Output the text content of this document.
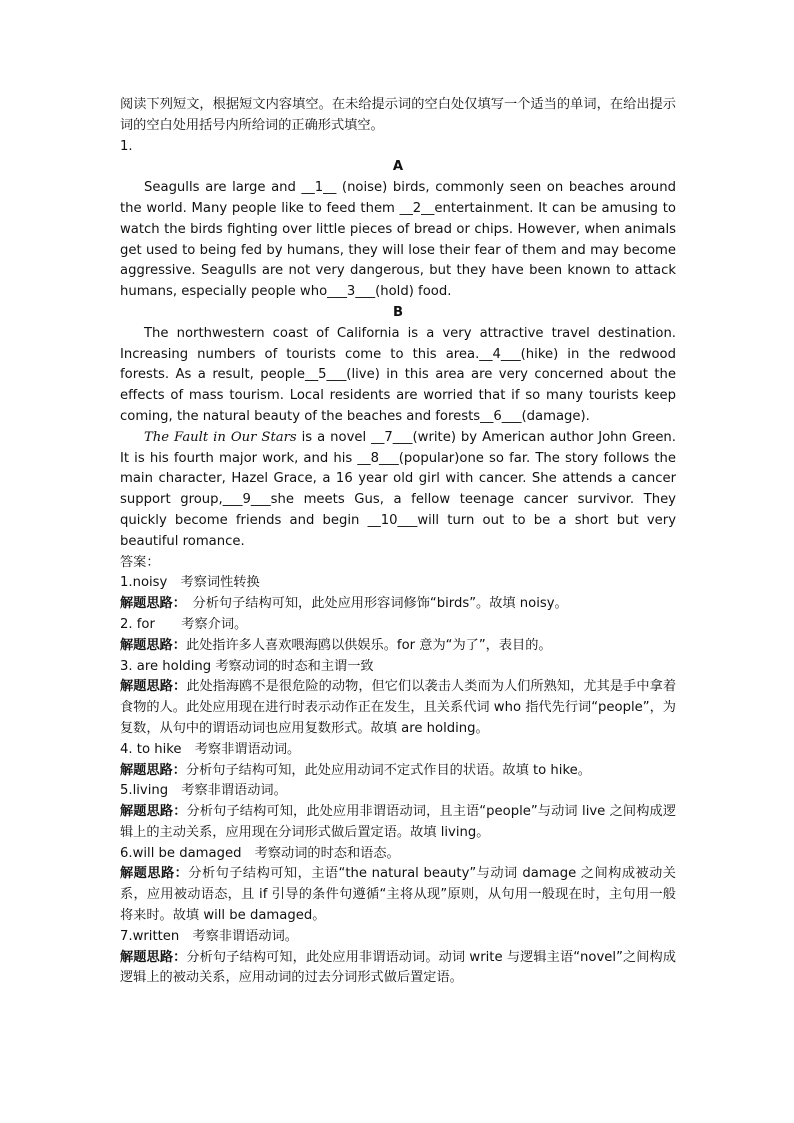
阅读下列短文，根据短文内容填空。在未给提示词的空白处仅填写一个适当的单词，在给出提示词的空白处用括号内所给词的正确形式填空。

1.

A

Seagulls are large and __1__ (noise) birds, commonly seen on beaches around the world. Many people like to feed them __2__entertainment. It can be amusing to watch the birds fighting over little pieces of bread or chips. However, when animals get used to being fed by humans, they will lose their fear of them and may become aggressive. Seagulls are not very dangerous, but they have been known to attack humans, especially people who___3___(hold) food.

B

The northwestern coast of California is a very attractive travel destination. Increasing numbers of tourists come to this area.__4___(hike) in the redwood forests. As a result, people__5___(live) in this area are very concerned about the effects of mass tourism. Local residents are worried that if so many tourists keep coming, the natural beauty of the beaches and forests__6___(damage).

The Fault in Our Stars is a novel __7___(write) by American author John Green. It is his fourth major work, and his __8___(popular)one so far. The story follows the main character, Hazel Grace, a 16 year old girl with cancer. She attends a cancer support group,___9___she meets Gus, a fellow teenage cancer survivor. They quickly become friends and begin __10___will turn out to be a short but very beautiful romance.

答案：

1.noisy　考察词性转换

解题思路：　分析句子结构可知，此处应用形容词修饰“birds”。故填 noisy。

2. for　　考察介词。

解题思路：此处指许多人喜欢喂海鸥以供娱乐。for 意为“为了”，表目的。

3. are holding 考察动词的时态和主谓一致

解题思路：此处指海鸥不是很危险的动物，但它们以袭击人类而为人们所熟知，尤其是手中拿着食物的人。此处应用现在进行时表示动作正在发生，且关系代词 who 指代先行词“people”，为复数，从句中的谓语动词也应用复数形式。故填 are holding。

4. to hike　考察非谓语动词。

解题思路：分析句子结构可知，此处应用动词不定式作目的状语。故填 to hike。

5.living　考察非谓语动词。

解题思路：分析句子结构可知，此处应用非谓语动词，且主语“people”与动词 live 之间构成逻辑上的主动关系，应用现在分词形式做后置定语。故填 living。

6.will be damaged　考察动词的时态和语态。

解题思路：分析句子结构可知，主语“the natural beauty”与动词 damage 之间构成被动关系，应用被动语态，且 if 引导的条件句遵循“主将从现”原则，从句用一般现在时，主句用一般将来时。故填 will be damaged。

7.written　考察非谓语动词。

解题思路：分析句子结构可知，此处应用非谓语动词。动词 write 与逻辑主语“novel”之间构成逻辑上的被动关系，应用动词的过去分词形式做后置定语。
